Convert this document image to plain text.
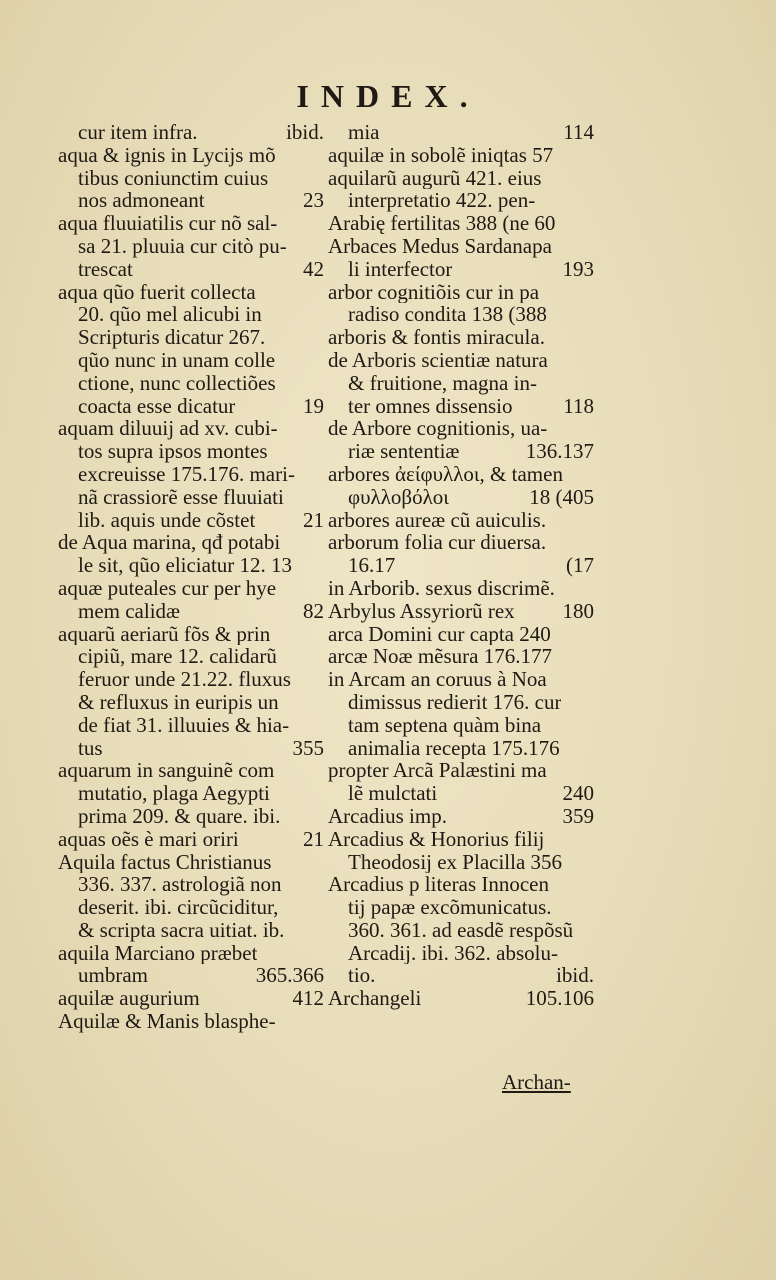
INDEX.
cur item infra.	ibid.
aqua & ignis in Lycijs mõ
tibus coniunctim cuius
nos admoneant	23
aqua fluuiatilis cur nõ sal-
sa 21. pluuia cur citò pu-
trescat	42
aqua qũo fuerit collecta
20. qũo mel alicubi in
Scripturis dicatur 267.
qũo nunc in unam colle
ctione, nunc collectiões
coacta esse dicatur	19
aquam diluuij ad xv. cubi-
tos supra ipsos montes
excreuisse 175.176. mari-
nã crassiorẽ esse fluuiati
lib. aquis unde cõstet 21
de Aqua marina, qđ potabi
le sit, qũo eliciatur 12. 13
aquæ puteales cur per hye
mem calidæ	82
aquarũ aeriarũ fõs & prin
cipiũ, mare 12. calidarũ
feruor unde 21.22. fluxus
& refluxus in euripis un
de fiat 31. illuuies & hia-
tus	355
aquarum in sanguinẽ com
mutatio, plaga Aegypti
prima 209. & quare. ibi.
aquas oẽs è mari oriri	21
Aquila factus Christianus
336. 337. astrologiã non
deserit. ibi. circũciditur,
& scripta sacra uitiat. ib.
aquila Marciano præbet
umbram	365.366
aquilæ augurium	412
Aquilæ & Manis blasphe-
mia	114
aquilæ in sobolẽ iniqtas 57
aquilarũ augurũ 421. eius
interpretatio 422. pen-
Arabię fertilitas 388 (ne 60
Arbaces Medus Sardanapa
li interfector	193
arbor cognitiõis cur in pa
radiso condita 138 (388
arboris & fontis miracula.
de Arboris scientiæ natura
& fruitione, magna in-
ter omnes dissensio 118
de Arbore cognitionis, ua-
riæ sententiæ	136.137
arbores ἀείφυλλοι, & tamen
φυλλοβόλοι	18 (405
arbores aureæ cũ auiculis.
arborum folia cur diuersa.
16.17	(17
in Arborib. sexus discrimẽ.
Arbylus Assyriorũ rex 180
arca Domini cur capta 240
arcæ Noæ mẽsura 176.177
in Arcam an coruus à Noa
dimissus redierit 176. cur
tam septena quàm bina
animalia recepta 175.176
propter Arcã Palæstini ma
lẽ mulctati	240
Arcadius imp.	359
Arcadius & Honorius filij
Theodosij ex Placilla 356
Arcadius p literas Innocen
tij papæ excõmunicatus.
360. 361. ad easdẽ respõsũ
Arcadij. ibi. 362. absolu-
tio.	ibid.
Archangeli	105.106
Archan-
